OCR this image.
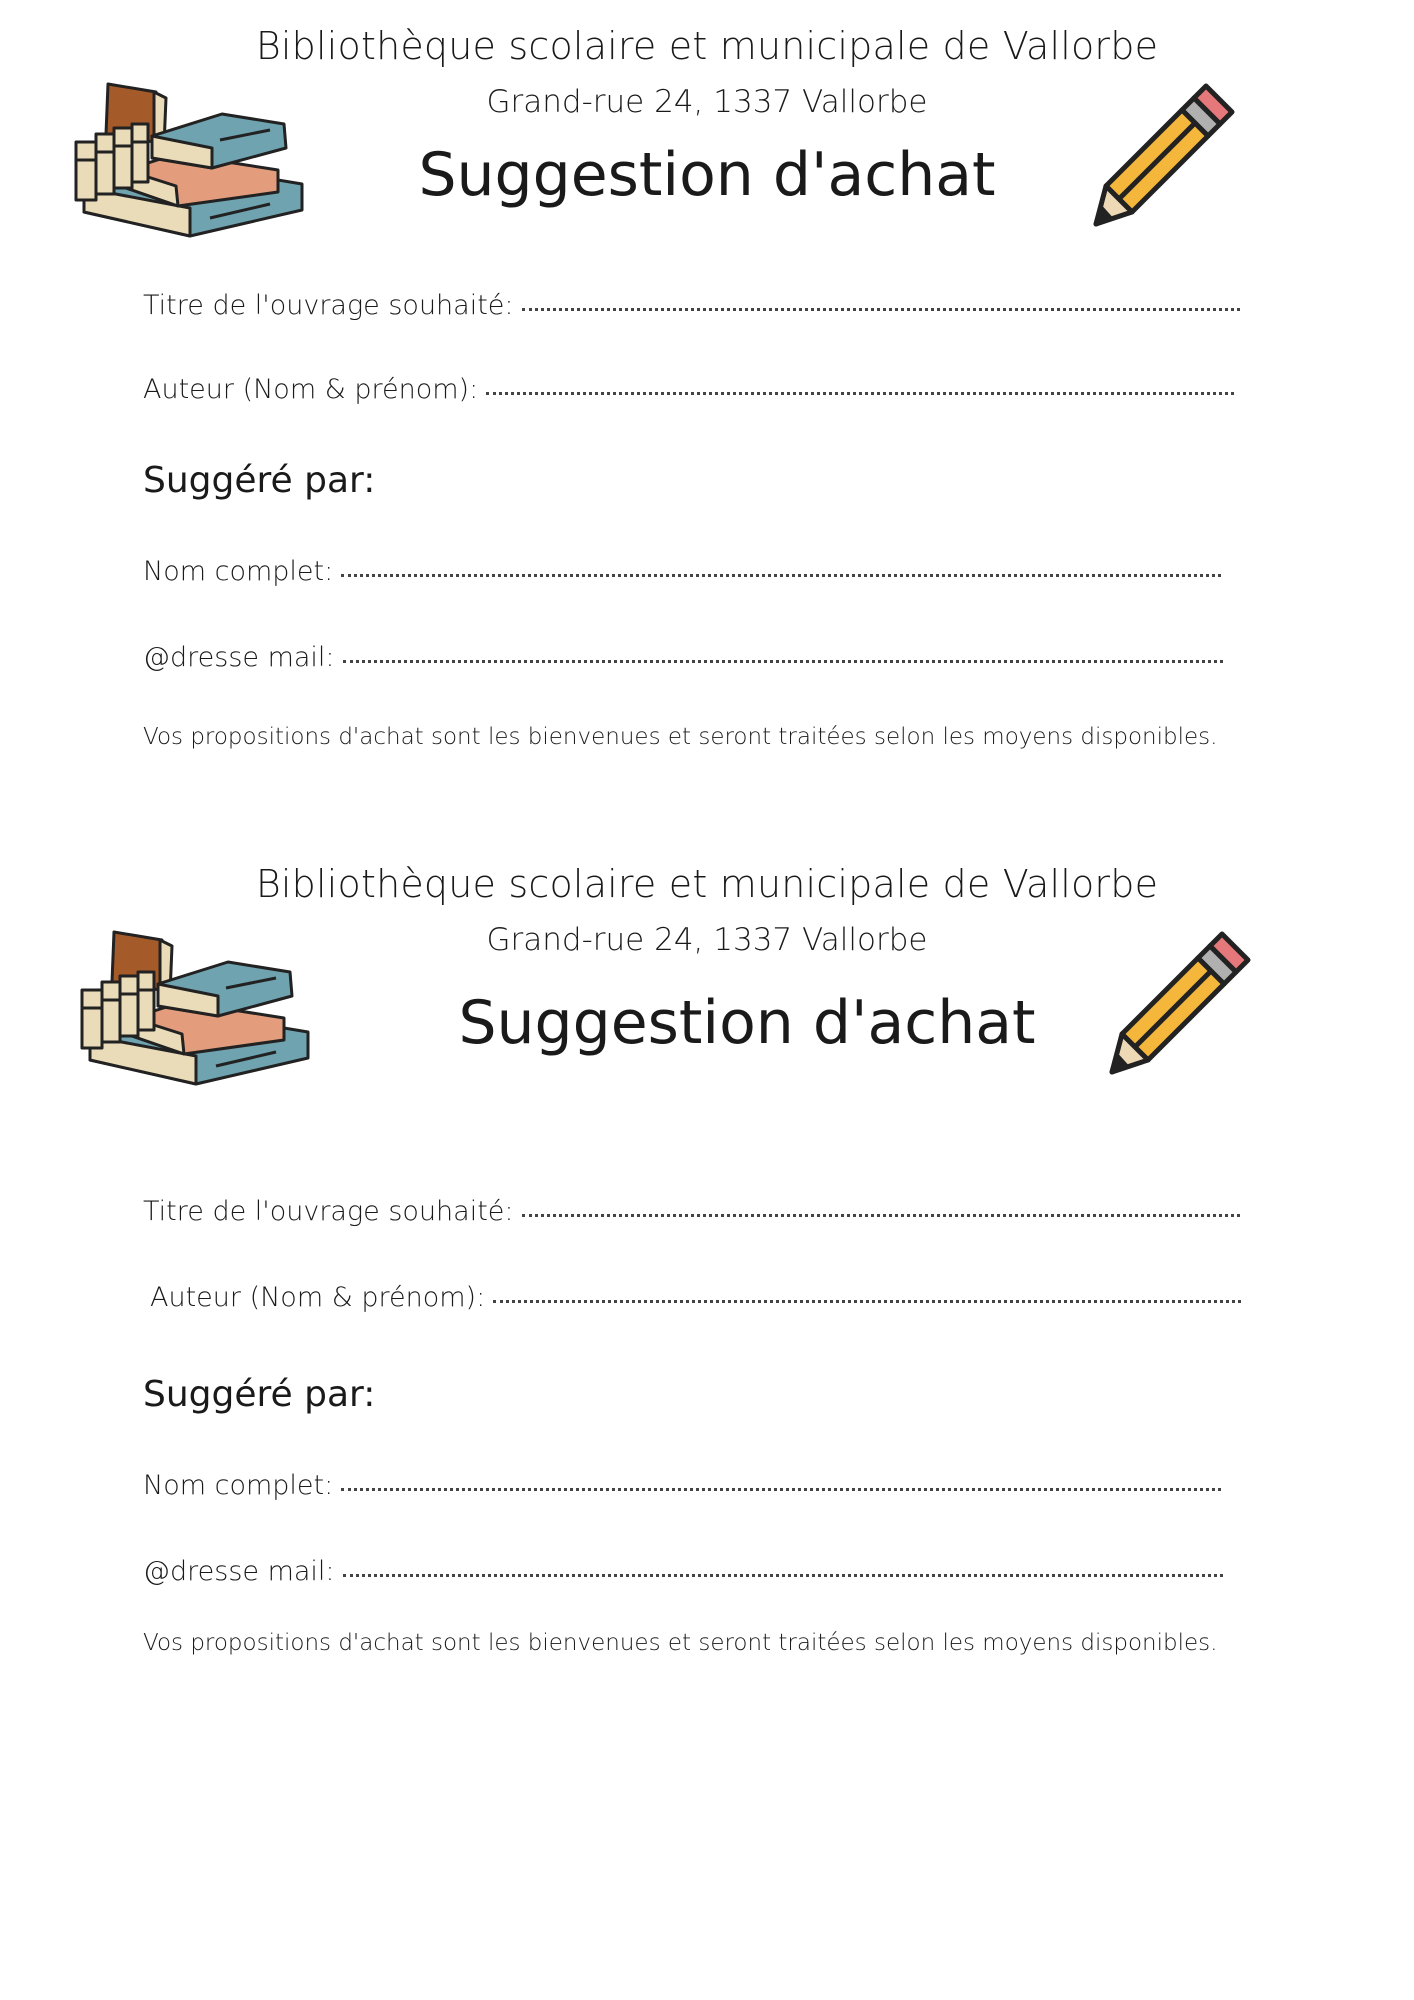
Bibliothèque scolaire et municipale de Vallorbe

Grand-rue 24, 1337 Vallorbe

Suggestion d'achat

Titre de l'ouvrage souhaité:
Auteur (Nom & prénom):

Suggéré par:

Nom complet:
@dresse mail:

Vos propositions d'achat sont les bienvenues et seront traitées selon les moyens disponibles.

Bibliothèque scolaire et municipale de Vallorbe

Grand-rue 24, 1337 Vallorbe

Suggestion d'achat

Titre de l'ouvrage souhaité:
Auteur (Nom & prénom):

Suggéré par:

Nom complet:
@dresse mail:

Vos propositions d'achat sont les bienvenues et seront traitées selon les moyens disponibles.
